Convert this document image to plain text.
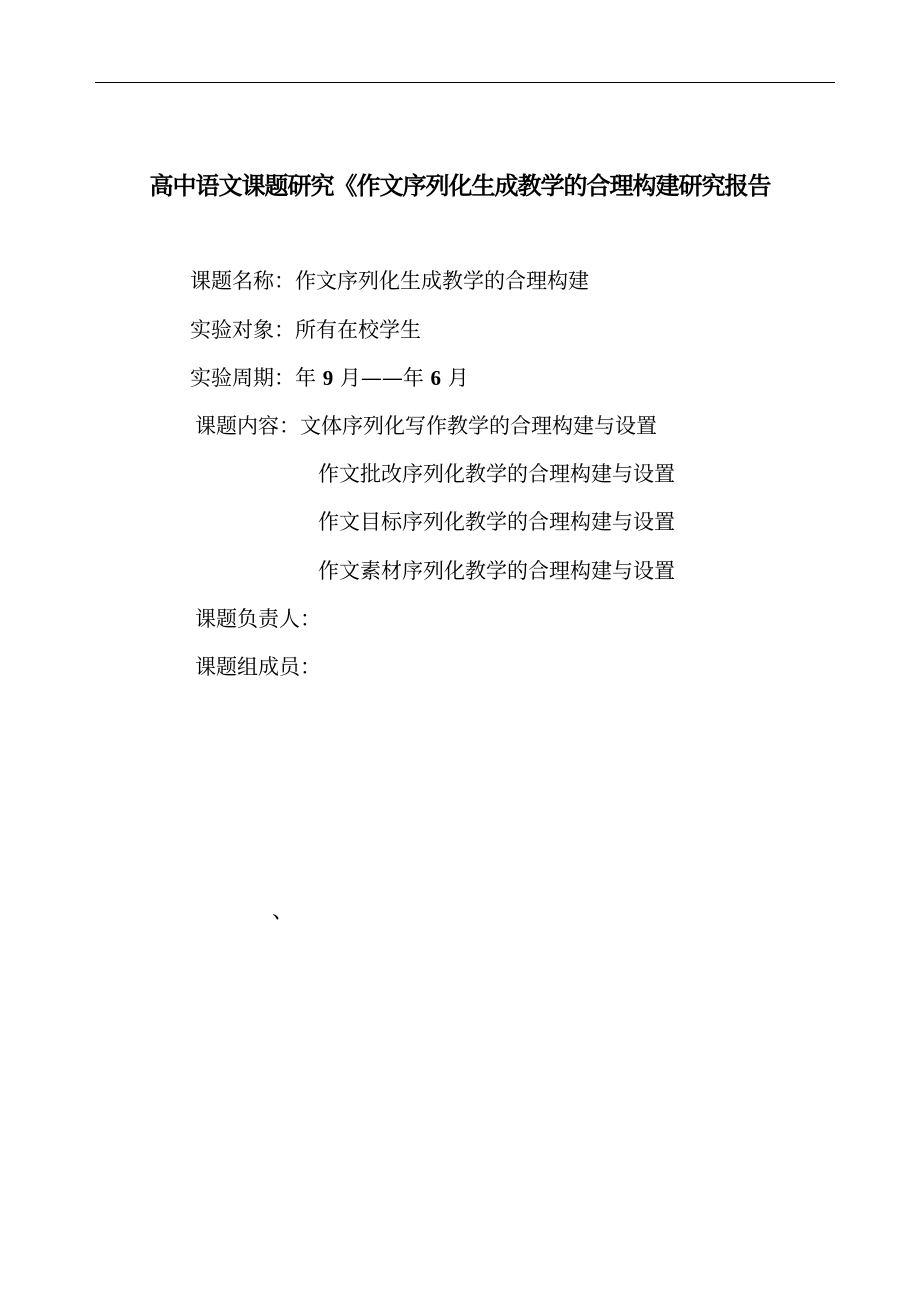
高中语文课题研究《作文序列化生成教学的合理构建研究报告
课题名称：作文序列化生成教学的合理构建
实验对象：所有在校学生
实验周期：年 9 月——年 6 月
课题内容：文体序列化写作教学的合理构建与设置
作文批改序列化教学的合理构建与设置
作文目标序列化教学的合理构建与设置
作文素材序列化教学的合理构建与设置
课题负责人：
课题组成员：
、
